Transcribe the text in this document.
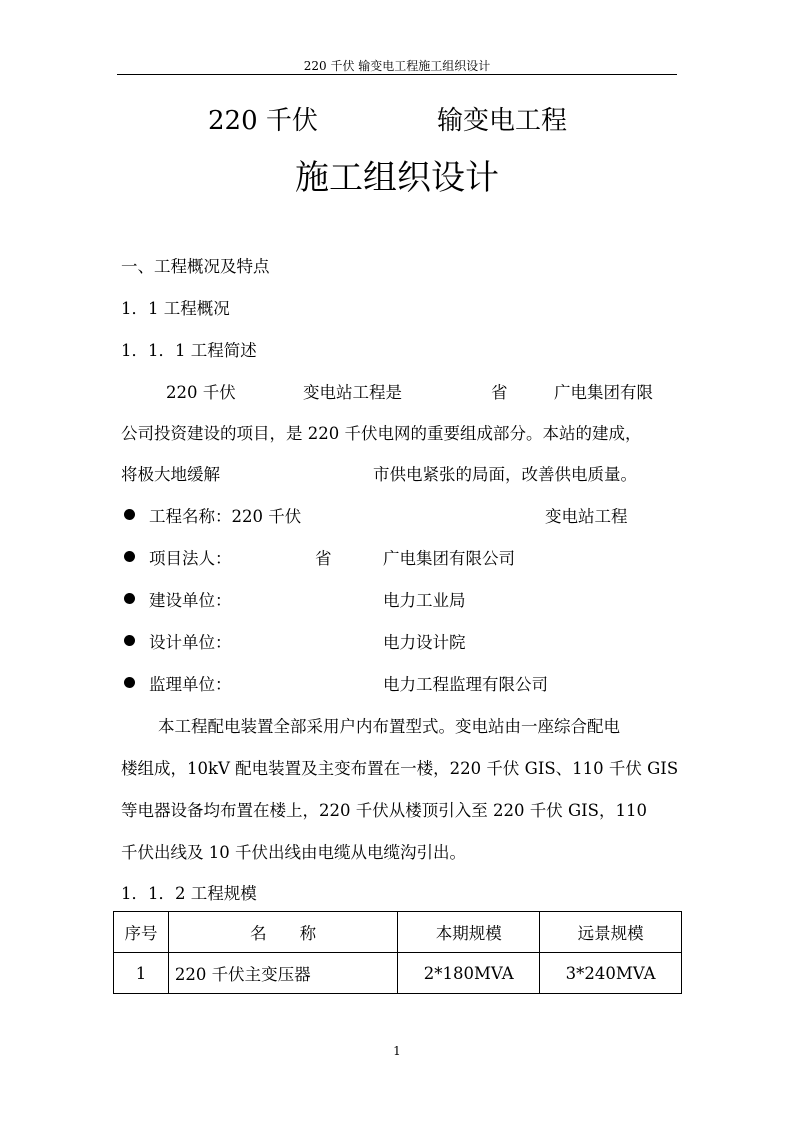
220 千伏 输变电工程施工组织设计
220 千伏	输变电工程
施工组织设计
一、工程概况及特点
1．1 工程概况
1．1．1 工程简述
220 千伏	变电站工程是	省	广电集团有限
公司投资建设的项目，是 220 千伏电网的重要组成部分。本站的建成，
将极大地缓解	市供电紧张的局面，改善供电质量。
工程名称：220 千伏	变电站工程
项目法人：	省	广电集团有限公司
建设单位：	电力工业局
设计单位：	电力设计院
监理单位：	电力工程监理有限公司
本工程配电装置全部采用户内布置型式。变电站由一座综合配电
楼组成，10kV 配电装置及主变布置在一楼，220 千伏 GIS、110 千伏 GIS
等电器设备均布置在楼上，220 千伏从楼顶引入至 220 千伏 GIS，110
千伏出线及 10 千伏出线由电缆从电缆沟引出。
1．1．2 工程规模
序号	名　　称	本期规模	远景规模
1	220 千伏主变压器	2*180MVA	3*240MVA
1
